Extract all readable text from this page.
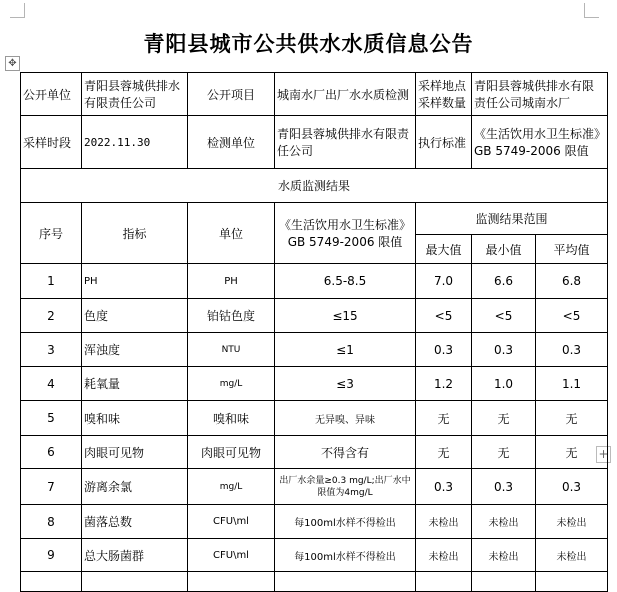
青阳县城市公共供水水质信息公告
✥
+
公开单位	青阳县蓉城供排水有限责任公司	公开项目	城南水厂出厂水水质检测	采样地点采样数量	青阳县蓉城供排水有限责任公司城南水厂	
采样时段	2022.11.30	检测单位	青阳县蓉城供排水有限责任公司	执行标准	《生活饮用水卫生标准》GB 5749-2006 限值	
水质监测结果						
序号	指标	单位	《生活饮用水卫生标准》GB 5749-2006 限值	监测结果范围		
				最大值	最小值	平均值
1	PH	PH	6.5-8.5	7.0	6.6	6.8
2	色度	铂钴色度	≤15	<5	<5	<5
3	浑浊度	NTU	≤1	0.3	0.3	0.3
4	耗氧量	mg/L	≤3	1.2	1.0	1.1
5	嗅和味	嗅和味	无异嗅、异味	无	无	无
6	肉眼可见物	肉眼可见物	不得含有	无	无	无
7	游离余氯	mg/L	出厂水余量≥0.3 mg/L;出厂水中限值为4mg/L	0.3	0.3	0.3
8	菌落总数	CFU\ml	每100ml水样不得检出	未检出	未检出	未检出
9	总大肠菌群	CFU\ml	每100ml水样不得检出	未检出	未检出	未检出
